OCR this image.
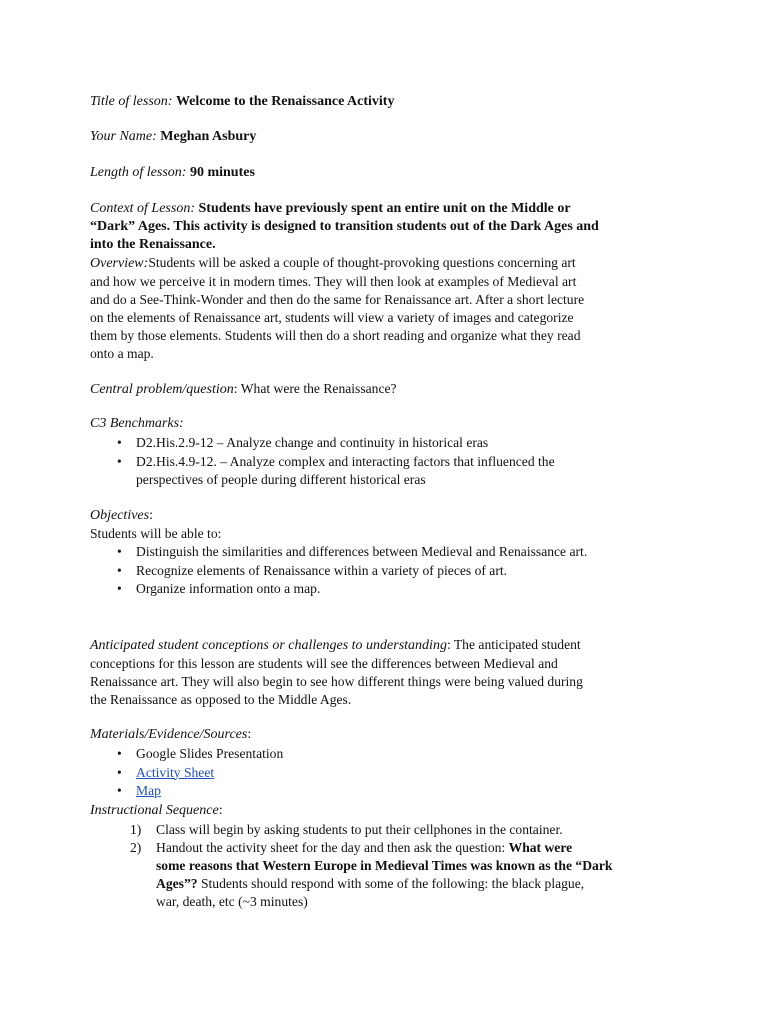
Title of lesson: Welcome to the Renaissance Activity
Your Name: Meghan Asbury
Length of lesson: 90 minutes
Context of Lesson: Students have previously spent an entire unit on the Middle or
“Dark” Ages. This activity is designed to transition students out of the Dark Ages and
into the Renaissance.
Overview:Students will be asked a couple of thought-provoking questions concerning art
and how we perceive it in modern times. They will then look at examples of Medieval art
and do a See-Think-Wonder and then do the same for Renaissance art. After a short lecture
on the elements of Renaissance art, students will view a variety of images and categorize
them by those elements. Students will then do a short reading and organize what they read
onto a map.
Central problem/question: What were the Renaissance?
C3 Benchmarks:
• D2.His.2.9-12 – Analyze change and continuity in historical eras
• D2.His.4.9-12. – Analyze complex and interacting factors that influenced the
perspectives of people during different historical eras
Objectives:
Students will be able to:
• Distinguish the similarities and differences between Medieval and Renaissance art.
• Recognize elements of Renaissance within a variety of pieces of art.
• Organize information onto a map.
Anticipated student conceptions or challenges to understanding: The anticipated student
conceptions for this lesson are students will see the differences between Medieval and
Renaissance art. They will also begin to see how different things were being valued during
the Renaissance as opposed to the Middle Ages.
Materials/Evidence/Sources:
• Google Slides Presentation
• Activity Sheet
• Map
Instructional Sequence:
1) Class will begin by asking students to put their cellphones in the container.
2) Handout the activity sheet for the day and then ask the question: What were
some reasons that Western Europe in Medieval Times was known as the “Dark
Ages”? Students should respond with some of the following: the black plague,
war, death, etc (~3 minutes)
